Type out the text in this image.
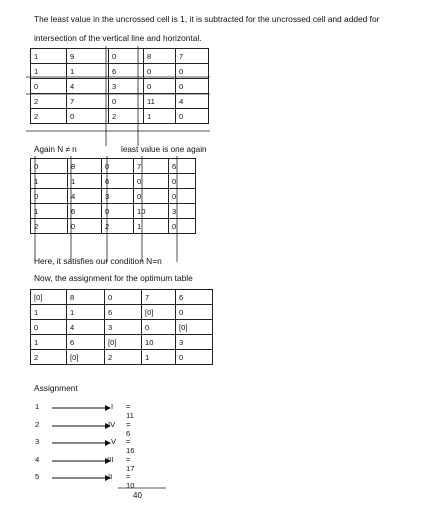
The least value in the uncrossed cell is 1, it is subtracted for the uncrossed cell and added for
intersection of the vertical line and horizontal.
1	9	0	8	7
1	1	6	0	0
0	4	3	0	0
2	7	0	11	4
2	0	2	1	0
Again N ≠ n	least value is one again
0	8	0	7	6
1	1	6	0	0
0	4	3	0	0
1	6	0	10	3
2	0	2	1	0
Here, it satisfies our condition N=n
Now, the assignment for the optimum table
[0]	8	0	7	6
1	1	6	[0]	0
0	4	3	0	[0]
1	6	[0]	10	3
2	[0]	2	1	0
Assignment
1	I = 11
2	IV = 6
3	V = 16
4	III = 17
5	II = 10
40
